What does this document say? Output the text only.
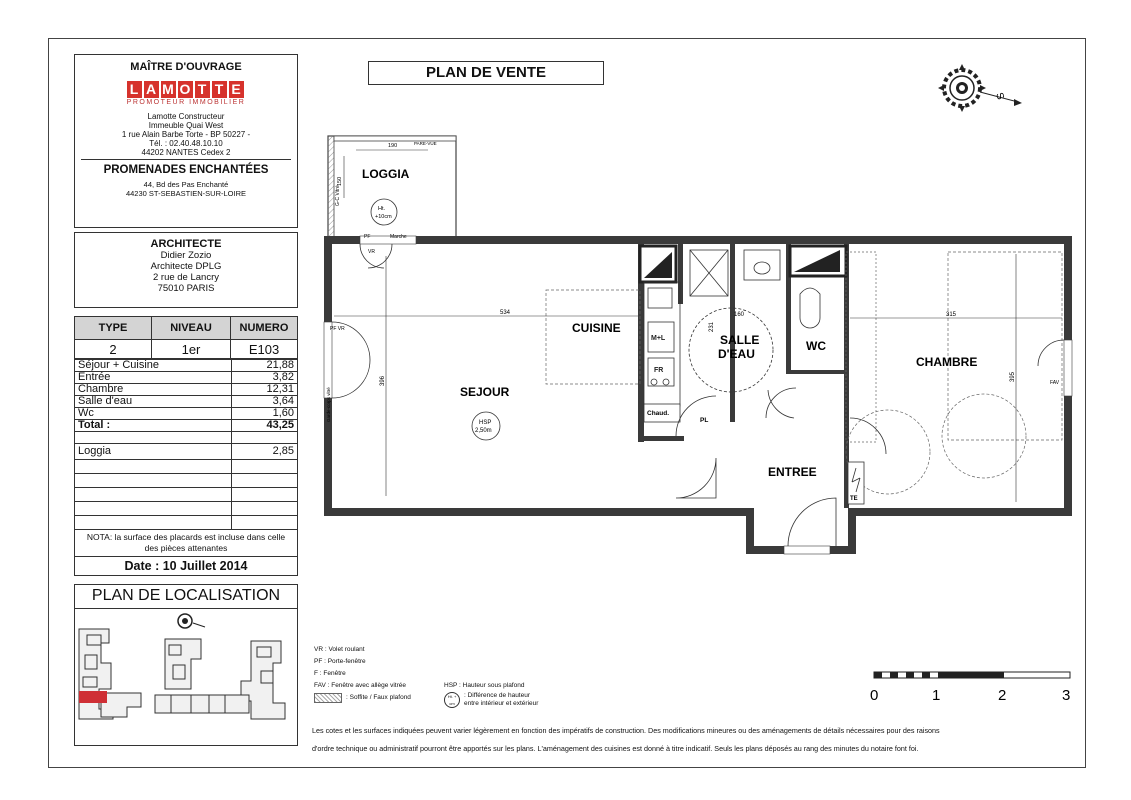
MAÎTRE D'OUVRAGE
L A M O T T E
PROMOTEUR IMMOBILIER
Lamotte Constructeur
Immeuble Quai West
1 rue Alain Barbe Torte - BP 50227 -
Tél. : 02.40.48.10.10
44202 NANTES Cedex 2
PROMENADES ENCHANTÉES
44, Bd des Pas Enchanté
44230 ST-SEBASTIEN-SUR-LOIRE
ARCHITECTE
Didier Zozio
Architecte DPLG
2 rue de Lancry
75010 PARIS
TYPE	NIVEAU	NUMERO
2	1er	E103
Séjour + Cuisine	21,88
Entrée	3,82
Chambre	12,31
Salle d'eau	3,64
Wc	1,60
Total :	43,25

Loggia	2,85

NOTA: la surface des placards est incluse dans celle des pièces attenantes
Date : 10 Juillet 2014
PLAN DE LOCALISATION
PLAN DE VENTE
S
190
150
PARE-VUE
G-C Vitré
LOGGIA
Ht.
+10cm
M+L
FR
Chaud.
PL
SALLE
D'EAU
160
231
WC
534
396
315
395
PF	Marche
VR
PF VR
Garde-corps vitré
FAV
CUISINE
SEJOUR
CHAMBRE
ENTREE
HSP
2,50m
TE
VR : Volet roulant
PF : Porte-fenêtre
F : Fenêtre
FAV : Fenêtre avec allège vitrée
: Soffite / Faux plafond
HSP : Hauteur sous plafond
Ht. + cm
: Différence de hauteur
entre intérieur et extérieur	0	1	2	3
Les cotes et les surfaces indiquées peuvent varier légèrement en fonction des impératifs de construction. Des modifications mineures ou des aménagements de détails nécessaires pour des raisons
d'ordre technique ou administratif pourront être apportés sur les plans. L'aménagement des cuisines est donné à titre indicatif. Seuls les plans déposés au rang des minutes du notaire font foi.
